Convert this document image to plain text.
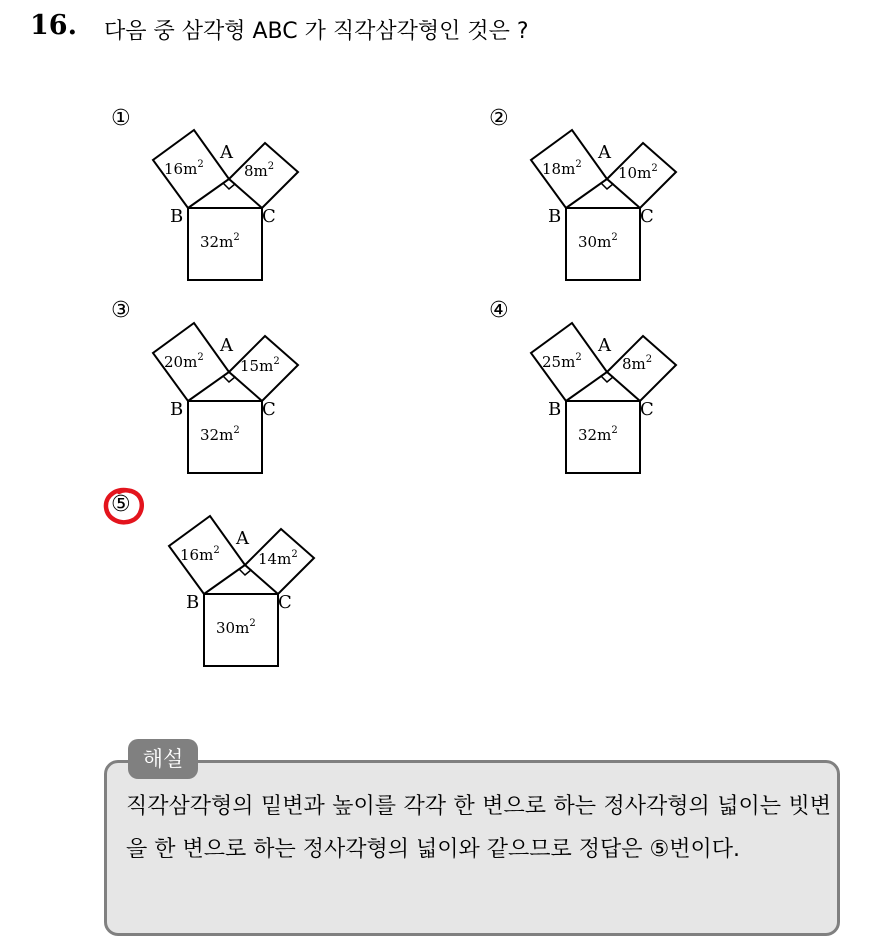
16. 다음 중 삼각형 ABC 가 직각삼각형인 것은 ?
①
A
B	C
$16m^2$	$8m^2$
$32m^2$
②
A
B	C
$18m^2$ $10m^2$
$30m^2$
③
A
B	C
$20m^2$ $15m^2$
$32m^2$
④
A
B	C
$25m^2$	$8m^2$
$32m^2$
⑤
A
B	C
$16m^2$	$14m^2$
$30m^2$
해설
직각삼각형의 밑변과 높이를 각각 한 변으로 하는 정사각형의 넓이는 빗변을 한 변으로 하는 정사각형의 넓이와 같으므로 정답은 ⑤번이다.
